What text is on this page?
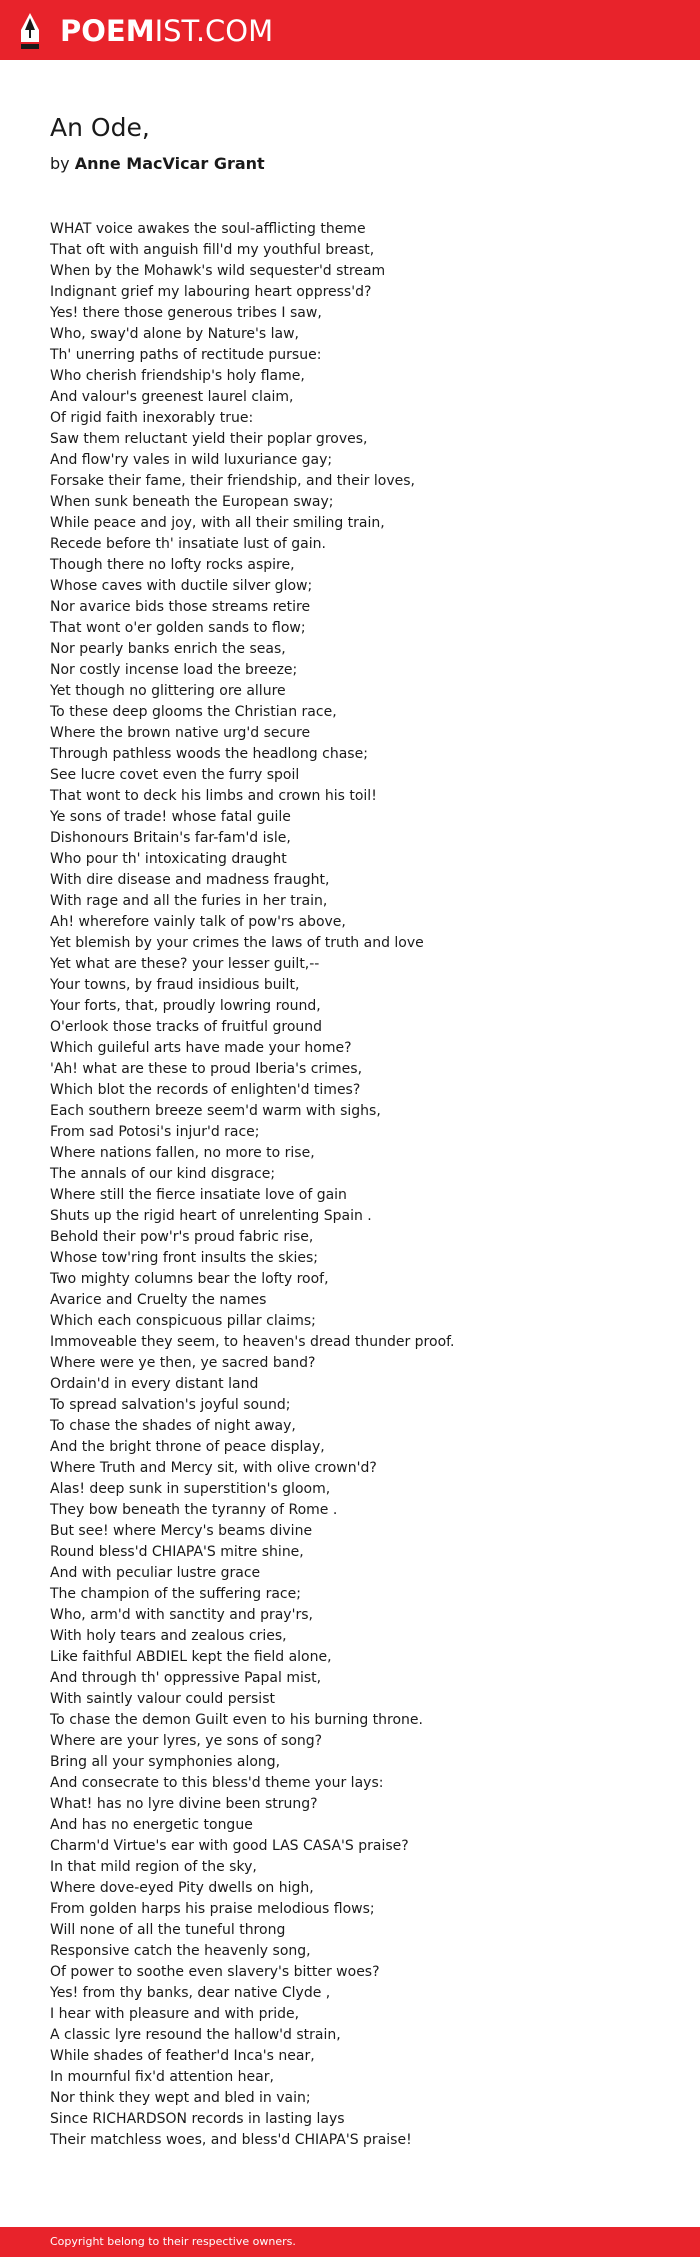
POEMIST.COM
An Ode,
by Anne MacVicar Grant
WHAT voice awakes the soul-afflicting theme
That oft with anguish fill'd my youthful breast,
When by the Mohawk's wild sequester'd stream
Indignant grief my labouring heart oppress'd?
Yes! there those generous tribes I saw,
Who, sway'd alone by Nature's law,
Th' unerring paths of rectitude pursue:
Who cherish friendship's holy flame,
And valour's greenest laurel claim,
Of rigid faith inexorably true:
Saw them reluctant yield their poplar groves,
And flow'ry vales in wild luxuriance gay;
Forsake their fame, their friendship, and their loves,
When sunk beneath the European sway;
While peace and joy, with all their smiling train,
Recede before th' insatiate lust of gain.
Though there no lofty rocks aspire,
Whose caves with ductile silver glow;
Nor avarice bids those streams retire
That wont o'er golden sands to flow;
Nor pearly banks enrich the seas,
Nor costly incense load the breeze;
Yet though no glittering ore allure
To these deep glooms the Christian race,
Where the brown native urg'd secure
Through pathless woods the headlong chase;
See lucre covet even the furry spoil
That wont to deck his limbs and crown his toil!
Ye sons of trade! whose fatal guile
Dishonours Britain's far-fam'd isle,
Who pour th' intoxicating draught
With dire disease and madness fraught,
With rage and all the furies in her train,
Ah! wherefore vainly talk of pow'rs above,
Yet blemish by your crimes the laws of truth and love
Yet what are these? your lesser guilt,--
Your towns, by fraud insidious built,
Your forts, that, proudly lowring round,
O'erlook those tracks of fruitful ground
Which guileful arts have made your home?
'Ah! what are these to proud Iberia's crimes,
Which blot the records of enlighten'd times?
Each southern breeze seem'd warm with sighs,
From sad Potosi's injur'd race;
Where nations fallen, no more to rise,
The annals of our kind disgrace;
Where still the fierce insatiate love of gain
Shuts up the rigid heart of unrelenting Spain .
Behold their pow'r's proud fabric rise,
Whose tow'ring front insults the skies;
Two mighty columns bear the lofty roof,
Avarice and Cruelty the names
Which each conspicuous pillar claims;
Immoveable they seem, to heaven's dread thunder proof.
Where were ye then, ye sacred band?
Ordain'd in every distant land
To spread salvation's joyful sound;
To chase the shades of night away,
And the bright throne of peace display,
Where Truth and Mercy sit, with olive crown'd?
Alas! deep sunk in superstition's gloom,
They bow beneath the tyranny of Rome .
But see! where Mercy's beams divine
Round bless'd CHIAPA'S mitre shine,
And with peculiar lustre grace
The champion of the suffering race;
Who, arm'd with sanctity and pray'rs,
With holy tears and zealous cries,
Like faithful ABDIEL kept the field alone,
And through th' oppressive Papal mist,
With saintly valour could persist
To chase the demon Guilt even to his burning throne.
Where are your lyres, ye sons of song?
Bring all your symphonies along,
And consecrate to this bless'd theme your lays:
What! has no lyre divine been strung?
And has no energetic tongue
Charm'd Virtue's ear with good LAS CASA'S praise?
In that mild region of the sky,
Where dove-eyed Pity dwells on high,
From golden harps his praise melodious flows;
Will none of all the tuneful throng
Responsive catch the heavenly song,
Of power to soothe even slavery's bitter woes?
Yes! from thy banks, dear native Clyde ,
I hear with pleasure and with pride,
A classic lyre resound the hallow'd strain,
While shades of feather'd Inca's near,
In mournful fix'd attention hear,
Nor think they wept and bled in vain;
Since RICHARDSON records in lasting lays
Their matchless woes, and bless'd CHIAPA'S praise!
Copyright belong to their respective owners.
